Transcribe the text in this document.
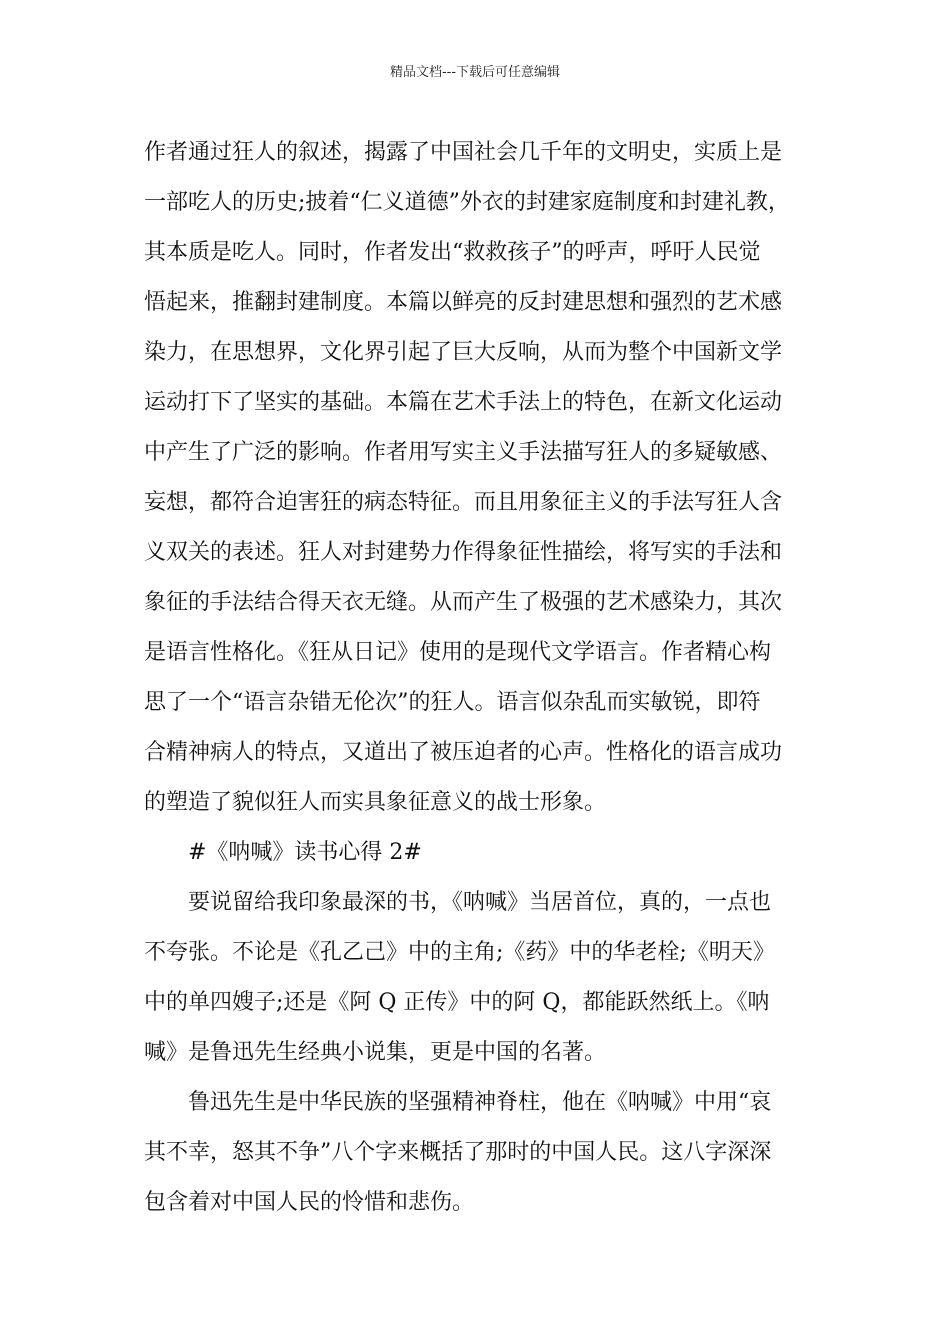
精品文档---下载后可任意编辑
作者通过狂人的叙述，揭露了中国社会几千年的文明史，实质上是
一部吃人的历史;披着“仁义道德”外衣的封建家庭制度和封建礼教，
其本质是吃人。同时，作者发出“救救孩子”的呼声，呼吁人民觉
悟起来，推翻封建制度。本篇以鲜亮的反封建思想和强烈的艺术感
染力，在思想界，文化界引起了巨大反响，从而为整个中国新文学
运动打下了坚实的基础。本篇在艺术手法上的特色，在新文化运动
中产生了广泛的影响。作者用写实主义手法描写狂人的多疑敏感、
妄想，都符合迫害狂的病态特征。而且用象征主义的手法写狂人含
义双关的表述。狂人对封建势力作得象征性描绘，将写实的手法和
象征的手法结合得天衣无缝。从而产生了极强的艺术感染力，其次
是语言性格化。《狂从日记》使用的是现代文学语言。作者精心构
思了一个“语言杂错无伦次”的狂人。语言似杂乱而实敏锐，即符
合精神病人的特点，又道出了被压迫者的心声。性格化的语言成功
的塑造了貌似狂人而实具象征意义的战士形象。
#《呐喊》读书心得 2#
要说留给我印象最深的书，《呐喊》当居首位，真的，一点也
不夸张。不论是《孔乙己》中的主角;《药》中的华老栓;《明天》
中的单四嫂子;还是《阿 Q 正传》中的阿 Q，都能跃然纸上。《呐
喊》是鲁迅先生经典小说集，更是中国的名著。
鲁迅先生是中华民族的坚强精神脊柱，他在《呐喊》中用“哀
其不幸，怒其不争”八个字来概括了那时的中国人民。这八字深深
包含着对中国人民的怜惜和悲伤。
